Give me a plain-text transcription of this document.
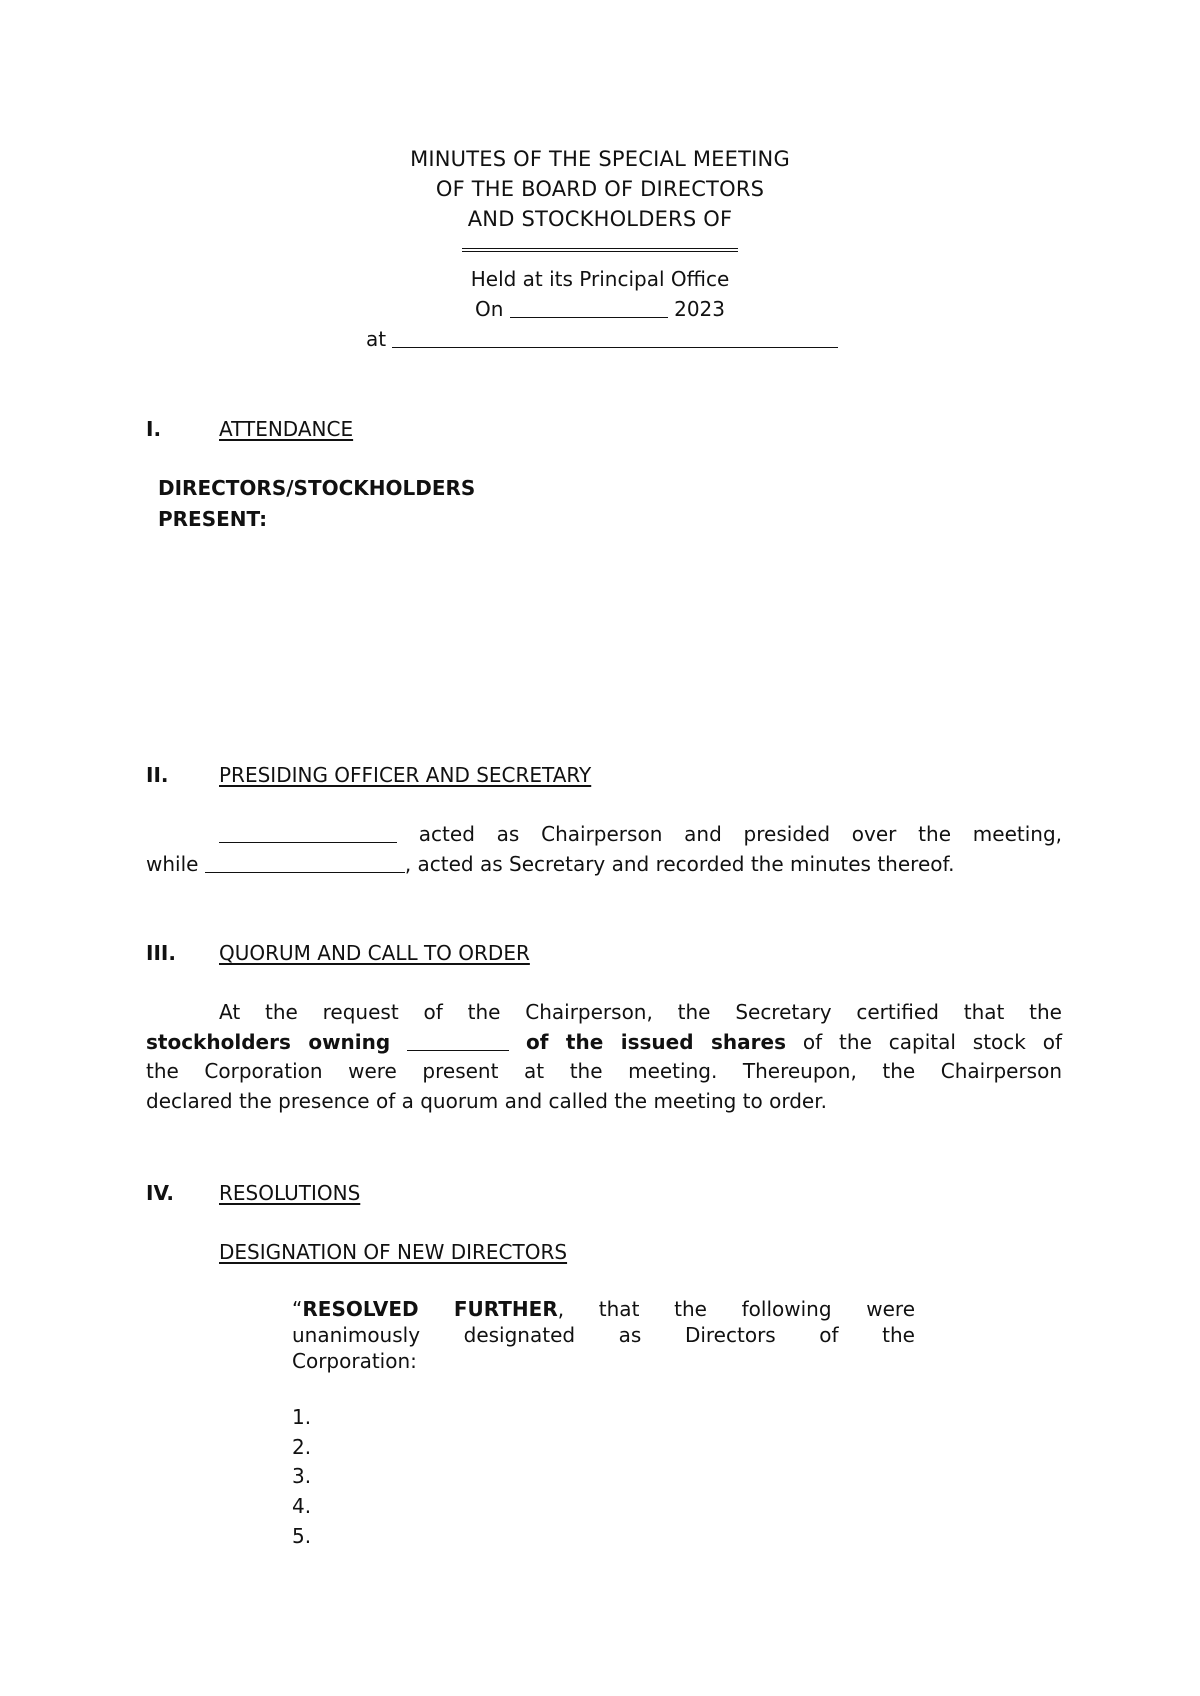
MINUTES OF THE SPECIAL MEETING
OF THE BOARD OF DIRECTORS
AND STOCKHOLDERS OF
Held at its Principal Office
On	2023
at
I.	ATTENDANCE
DIRECTORS/STOCKHOLDERS
PRESENT:
II.	PRESIDING OFFICER AND SECRETARY
acted as Chairperson and presided over the meeting,
while	, acted as Secretary and recorded the minutes thereof.
III. QUORUM AND CALL TO ORDER
At the request of the Chairperson, the Secretary certified that the
stockholders owning	of the issued shares of the capital stock of
the Corporation were present at the meeting. Thereupon, the Chairperson
declared the presence of a quorum and called the meeting to order.
IV. RESOLUTIONS
DESIGNATION OF NEW DIRECTORS
“RESOLVED FURTHER, that the following were
unanimously designated as Directors of the
Corporation:
1.
2.
3.
4.
5.
